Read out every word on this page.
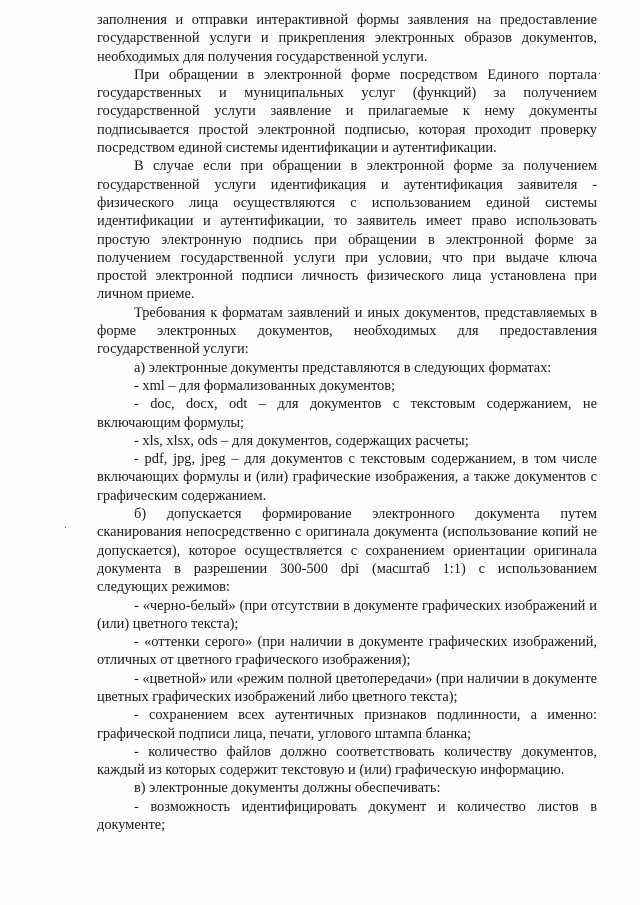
заполнения и отправки интерактивной формы заявления на предоставление государственной услуги и прикрепления электронных образов документов, необходимых для получения государственной услуги.

При обращении в электронной форме посредством Единого портала государственных и муниципальных услуг (функций) за получением государственной услуги заявление и прилагаемые к нему документы подписывается простой электронной подписью, которая проходит проверку посредством единой системы идентификации и аутентификации.

В случае если при обращении в электронной форме за получением государственной услуги идентификация и аутентификация заявителя - физического лица осуществляются с использованием единой системы идентификации и аутентификации, то заявитель имеет право использовать простую электронную подпись при обращении в электронной форме за получением государственной услуги при условии, что при выдаче ключа простой электронной подписи личность физического лица установлена при личном приеме.

Требования к форматам заявлений и иных документов, представляемых в форме электронных документов, необходимых для предоставления государственной услуги:

а) электронные документы представляются в следующих форматах:

- xml – для формализованных документов;

- doc, docx, odt – для документов с текстовым содержанием, не включающим формулы;

- xls, xlsx, ods – для документов, содержащих расчеты;

- pdf, jpg, jpeg – для документов с текстовым содержанием, в том числе включающих формулы и (или) графические изображения, а также документов с графическим содержанием.

б) допускается формирование электронного документа путем сканирования непосредственно с оригинала документа (использование копий не допускается), которое осуществляется с сохранением ориентации оригинала документа в разрешении 300-500 dpi (масштаб 1:1) с использованием следующих режимов:

- «черно-белый» (при отсутствии в документе графических изображений и (или) цветного текста);

- «оттенки серого» (при наличии в документе графических изображений, отличных от цветного графического изображения);

- «цветной» или «режим полной цветопередачи» (при наличии в документе цветных графических изображений либо цветного текста);

- сохранением всех аутентичных признаков подлинности, а именно: графической подписи лица, печати, углового штампа бланка;

- количество файлов должно соответствовать количеству документов, каждый из которых содержит текстовую и (или) графическую информацию.

в) электронные документы должны обеспечивать:

- возможность идентифицировать документ и количество листов в документе;

.
.
